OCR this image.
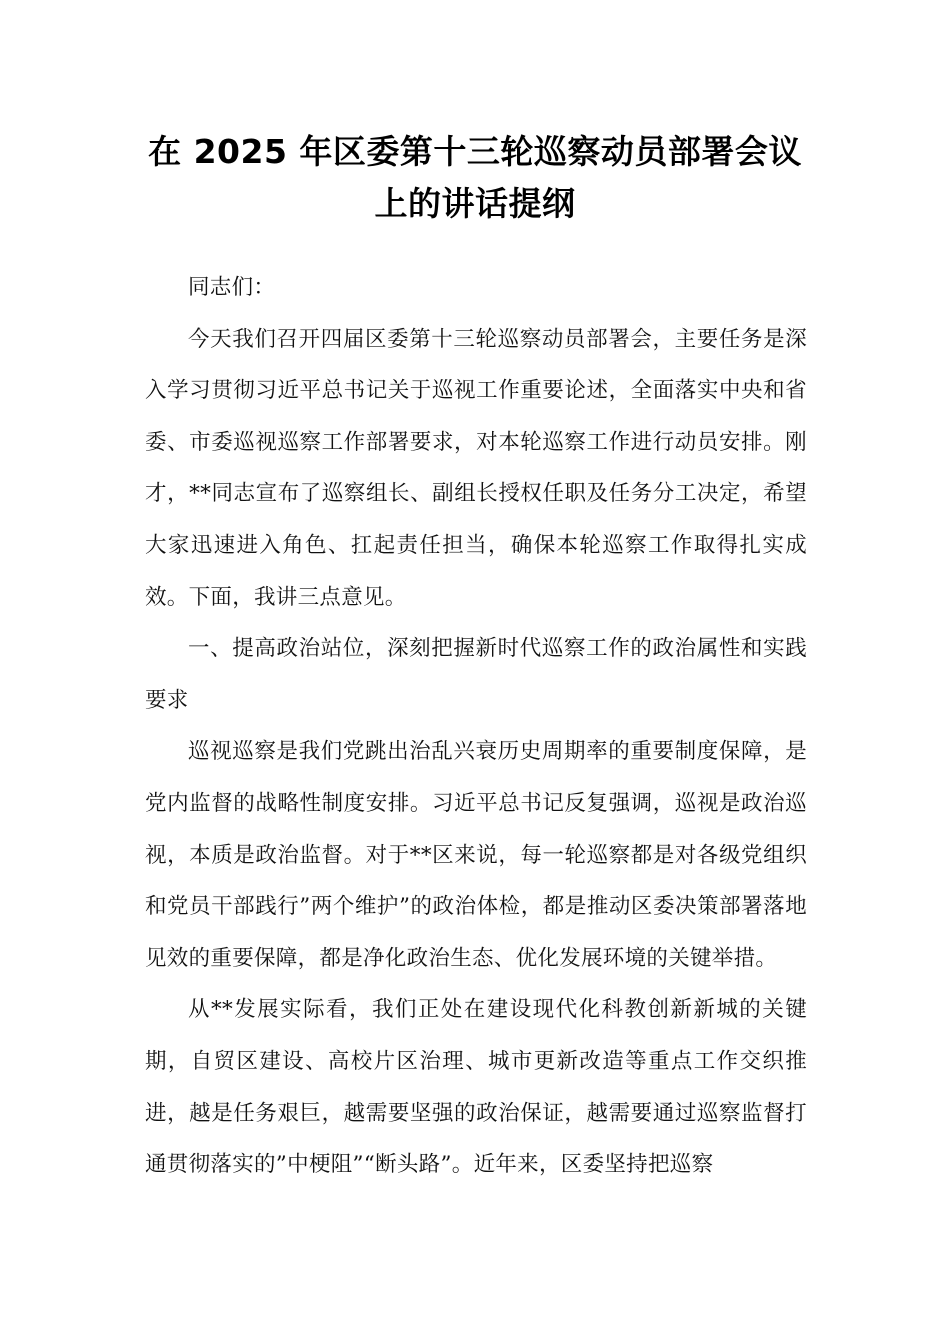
在 2025 年区委第十三轮巡察动员部署会议
上的讲话提纲

同志们：

今天我们召开四届区委第十三轮巡察动员部署会，主要任务是深入学习贯彻习近平总书记关于巡视工作重要论述，全面落实中央和省委、市委巡视巡察工作部署要求，对本轮巡察工作进行动员安排。刚才，**同志宣布了巡察组长、副组长授权任职及任务分工决定，希望大家迅速进入角色、扛起责任担当，确保本轮巡察工作取得扎实成效。下面，我讲三点意见。

一、提高政治站位，深刻把握新时代巡察工作的政治属性和实践要求

巡视巡察是我们党跳出治乱兴衰历史周期率的重要制度保障，是党内监督的战略性制度安排。习近平总书记反复强调，巡视是政治巡视，本质是政治监督。对于**区来说，每一轮巡察都是对各级党组织和党员干部践行”两个维护”的政治体检，都是推动区委决策部署落地见效的重要保障，都是净化政治生态、优化发展环境的关键举措。

从**发展实际看，我们正处在建设现代化科教创新新城的关键期，自贸区建设、高校片区治理、城市更新改造等重点工作交织推进，越是任务艰巨，越需要坚强的政治保证，越需要通过巡察监督打通贯彻落实的”中梗阻”“断头路”。近年来，区委坚持把巡察
